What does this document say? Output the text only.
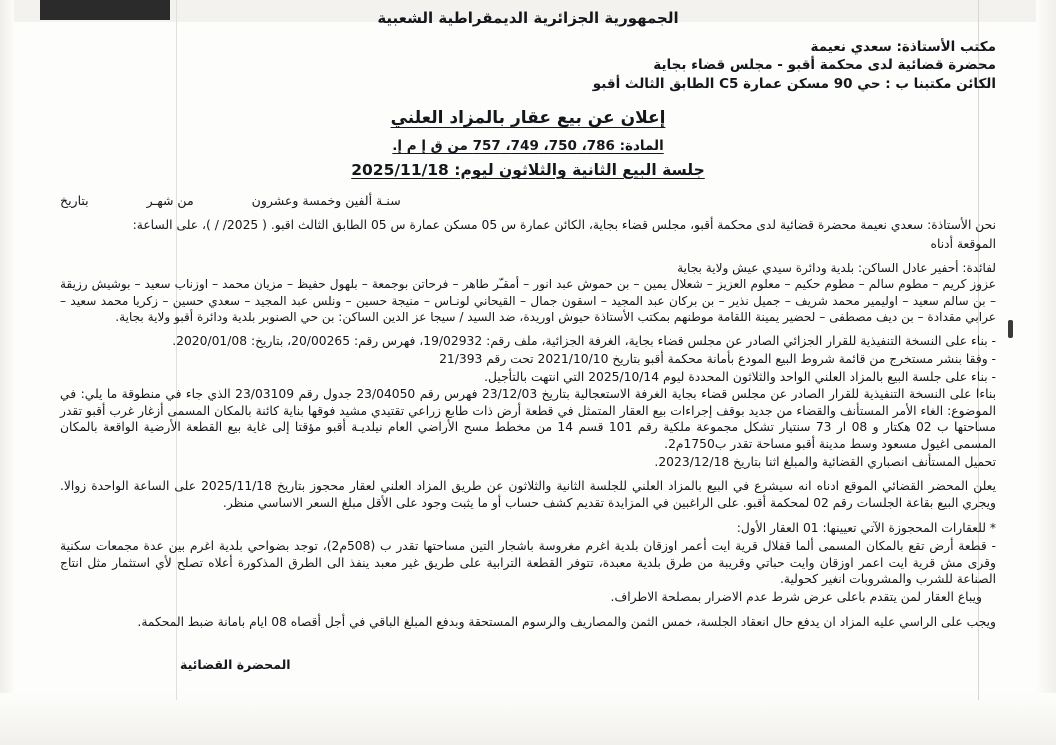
الجمهورية الجزائرية الديمقراطية الشعبية

مكتب الأستاذة: سعدي نعيمة

محضرة قضائية لدى محكمة أقبو - مجلس قضاء بجاية

الكائن مكتبنا ب : حي 90 مسكن عمارة C5 الطابق الثالث أقبو

إعلان عن بيع عقار بالمزاد العلني

المادة: 786، 750، 749، 757 من ق إ م إ.

جلسة البيع الثانية والثلاثون ليوم: 2025/11/18

بتاريخ	من شهـر	سنـة ألفين وخمسة وعشرون

نحن الأستاذة: سعدي نعيمة محضرة قضائية لدى محكمة أقبو، مجلس قضاء بجاية، الكائن عمارة س 05 مسكن عمارة س 05 الطابق الثالث اقبو. ( 2025/ / )، على الساعة:

الموقعة أدناه

لفائدة: أحفير عادل الساكن: بلدية ودائرة سيدي عيش ولاية بجاية

عزوز كريم – مطوم سالم – مطوم حكيم – معلوم العزيز – شعلال يمين – بن حموش عبد انور – أمقـّر طاهر – فرحاتن بوجمعة – بلهول حفيظ – مزيان محمد – اوزناب سعيد – بوشيش رزيقة – بن سالم سعيد – اوليمير محمد شريف – جميل نذير – بن بركان عبد المجيد – اسقون جمال – القيحاني لونـاس – منيجة حسين – ونلس عبد المجيد – سعدي حسين – زكريا محمد سعيد – عرابي مقدادة – بن ديف مصطفى – لحضير يمينة اللقامة موطنهم بمكتب الأستاذة حيوش اوريدة، ضد السيد / سيجا عز الدين الساكن: بن حي الصنوبر بلدية ودائرة أقبو ولاية بجاية.

- بناء على النسخة التنفيذية للقرار الجزائي الصادر عن مجلس قضاء بجاية، الغرفة الجزائية، ملف رقم: 19/02932، فهرس رقم: 20/00265، بتاريخ: 2020/01/08.

- وفقا بنشر مستخرج من قائمة شروط البيع المودع بأمانة محكمة أقبو بتاريخ 2021/10/10 تحت رقم 21/393

- بناء على جلسة البيع بالمزاد العلني الواحد والثلاثون المحددة ليوم 2025/10/14 التي انتهت بالتأجيل.

بناءا على النسخة التنفيذية للقرار الصادر عن مجلس قضاء بجاية الغرفة الاستعجالية بتاريخ 23/12/03 فهرس رقم 23/04050 جدول رقم 23/03109 الذي جاء في منطوقة ما يلي: في الموضوع: الغاء الأمر المستأنف والقضاء من جديد بوقف إجراءات بيع العقار المتمثل في قطعة أرض ذات طابع زراعي تقتيدي مشيد فوقها بناية كائنة بالمكان المسمى أزغار غرب أقبو تقدر مساحتها ب 02 هكتار و 08 ار 73 سنتيار تشكل مجموعة ملكية رقم 101 قسم 14 من مخطط مسح الأراضي العام نيلديـة أقبو مؤقتا إلى غاية بيع القطعة الأرضية الواقعة بالمكان المسمى اغيول مسعود وسط مدينة أقبو مساحة تقدر ب1750م2.

تحميل المستأنف انصباري القضائية والمبلغ اثنا بتاريخ 2023/12/18.

يعلن المحضر القضائي الموقع ادناه انه سيشرع في البيع بالمزاد العلني للجلسة الثانية والثلاثون عن طريق المزاد العلني لعقار محجوز بتاريخ 2025/11/18 على الساعة الواحدة زوالا. ويجري البيع بقاعة الجلسات رقم 02 لمحكمة أقبو. على الراغبين في المزايدة تقديم كشف حساب أو ما يثبت وجود على الأقل مبلغ السعر الاساسي منظر.

* للعقارات المحجوزة الآتي تعيينها: 01 العقار الأول:

- قطعة أرض تقع بالمكان المسمى ألما قفلال قرية ايت أعمر اوزقان بلدية اغرم مغروسة باشجار التين مساحتها تقدر ب (508م2)، توجد بضواحي بلدية اغرم بين عدة مجمعات سكنية وقرى مش قرية ايت اعمر اوزقان وايت حباتي وقريبة من طرق بلدية معبدة، تتوفر القطعة الترابية على طريق غير معبد ينفذ الى الطرق المذكورة أعلاه تصلح لأي استثمار مثل انتاج الصناعة للشرب والمشروبات انغير كحولية.

ويباع العقار لمن يتقدم باعلى عرض شرط عدم الاضرار بمصلحة الاطراف.

ويجب على الراسي عليه المزاد ان يدفع حال انعقاد الجلسة، خمس الثمن والمصاريف والرسوم المستحقة وبدفع المبلغ الباقي في أجل أقصاه 08 ايام بامانة ضبط المحكمة.

المحضرة القضائية
